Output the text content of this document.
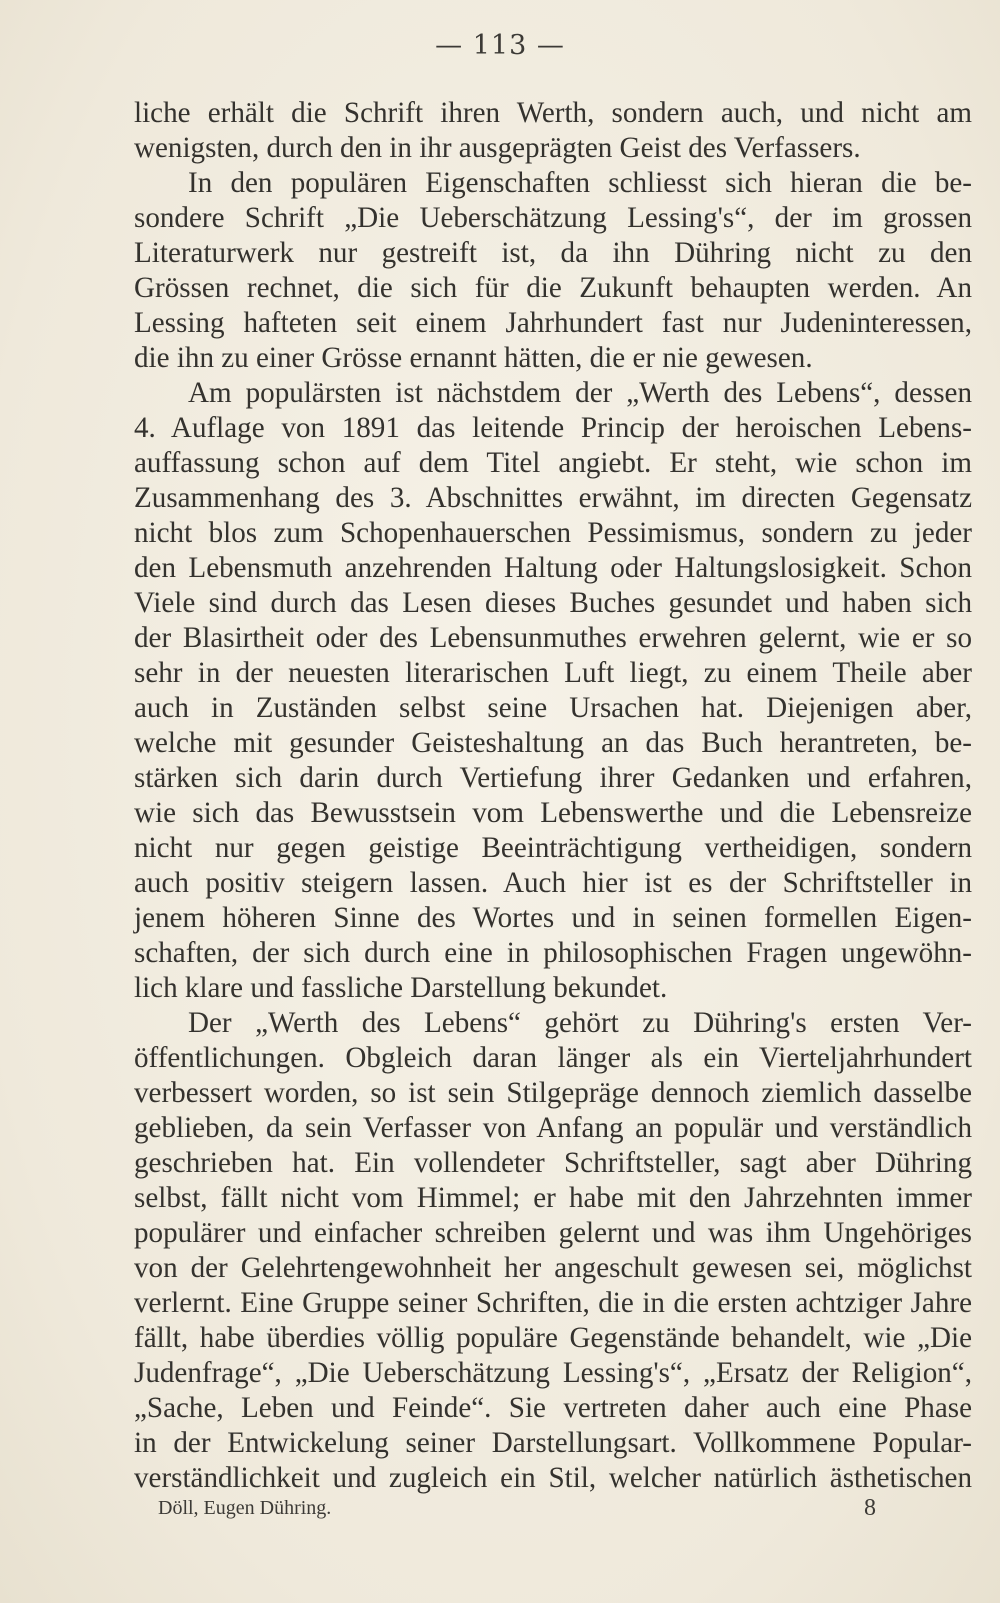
— 113 —
liche erhält die Schrift ihren Werth, sondern auch, und nicht am
wenigsten, durch den in ihr ausgeprägten Geist des Verfassers.
In den populären Eigenschaften schliesst sich hieran die be-
sondere Schrift „Die Ueberschätzung Lessing's“, der im grossen
Literaturwerk nur gestreift ist, da ihn Dühring nicht zu den
Grössen rechnet, die sich für die Zukunft behaupten werden. An
Lessing hafteten seit einem Jahrhundert fast nur Judeninteressen,
die ihn zu einer Grösse ernannt hätten, die er nie gewesen.
Am populärsten ist nächstdem der „Werth des Lebens“, dessen
4. Auflage von 1891 das leitende Princip der heroischen Lebens-
auffassung schon auf dem Titel angiebt. Er steht, wie schon im
Zusammenhang des 3. Abschnittes erwähnt, im directen Gegensatz
nicht blos zum Schopenhauerschen Pessimismus, sondern zu jeder
den Lebensmuth anzehrenden Haltung oder Haltungslosigkeit. Schon
Viele sind durch das Lesen dieses Buches gesundet und haben sich
der Blasirtheit oder des Lebensunmuthes erwehren gelernt, wie er so
sehr in der neuesten literarischen Luft liegt, zu einem Theile aber
auch in Zuständen selbst seine Ursachen hat. Diejenigen aber,
welche mit gesunder Geisteshaltung an das Buch herantreten, be-
stärken sich darin durch Vertiefung ihrer Gedanken und erfahren,
wie sich das Bewusstsein vom Lebenswerthe und die Lebensreize
nicht nur gegen geistige Beeinträchtigung vertheidigen, sondern
auch positiv steigern lassen. Auch hier ist es der Schriftsteller in
jenem höheren Sinne des Wortes und in seinen formellen Eigen-
schaften, der sich durch eine in philosophischen Fragen ungewöhn-
lich klare und fassliche Darstellung bekundet.
Der „Werth des Lebens“ gehört zu Dühring's ersten Ver-
öffentlichungen. Obgleich daran länger als ein Vierteljahrhundert
verbessert worden, so ist sein Stilgepräge dennoch ziemlich dasselbe
geblieben, da sein Verfasser von Anfang an populär und verständlich
geschrieben hat. Ein vollendeter Schriftsteller, sagt aber Dühring
selbst, fällt nicht vom Himmel; er habe mit den Jahrzehnten immer
populärer und einfacher schreiben gelernt und was ihm Ungehöriges
von der Gelehrtengewohnheit her angeschult gewesen sei, möglichst
verlernt. Eine Gruppe seiner Schriften, die in die ersten achtziger Jahre
fällt, habe überdies völlig populäre Gegenstände behandelt, wie „Die
Judenfrage“, „Die Ueberschätzung Lessing's“, „Ersatz der Religion“,
„Sache, Leben und Feinde“. Sie vertreten daher auch eine Phase
in der Entwickelung seiner Darstellungsart. Vollkommene Popular-
verständlichkeit und zugleich ein Stil, welcher natürlich ästhetischen
Döll, Eugen Dühring.	8
